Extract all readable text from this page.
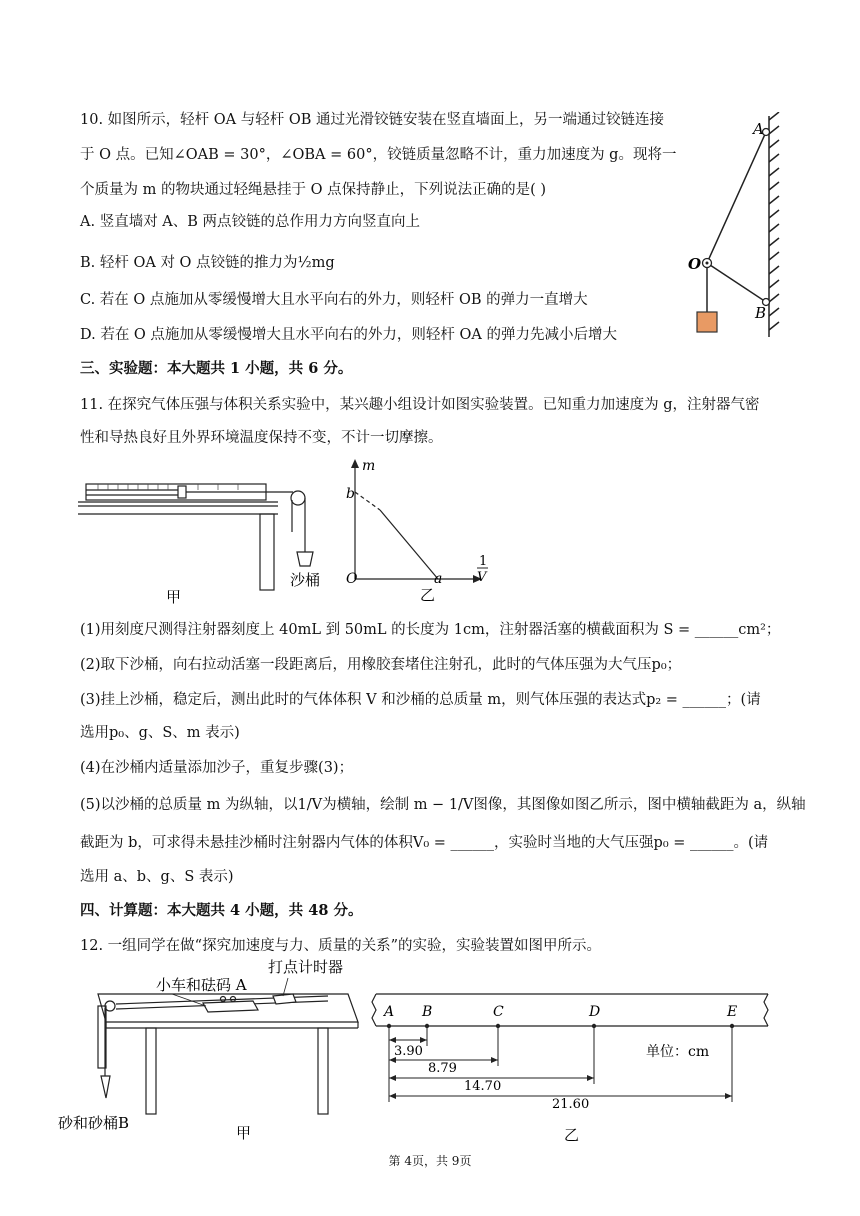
10. 如图所示，轻杆 OA 与轻杆 OB 通过光滑铰链安装在竖直墙面上，另一端通过铰链连接
于 O 点。已知∠OAB = 30°，∠OBA = 60°，铰链质量忽略不计，重力加速度为 g。现将一
个质量为 m 的物块通过轻绳悬挂于 O 点保持静止，下列说法正确的是( )
A. 竖直墙对 A、B 两点铰链的总作用力方向竖直向上
B. 轻杆 OA 对 O 点铰链的推力为½mg
C. 若在 O 点施加从零缓慢增大且水平向右的外力，则轻杆 OB 的弹力一直增大
D. 若在 O 点施加从零缓慢增大且水平向右的外力，则轻杆 OA 的弹力先减小后增大
A
O
B
三、实验题：本大题共 1 小题，共 6 分。
11. 在探究气体压强与体积关系实验中，某兴趣小组设计如图实验装置。已知重力加速度为 g，注射器气密
性和导热良好且外界环境温度保持不变，不计一切摩擦。
沙桶
甲
m
b
O	a
1
V
乙
(1)用刻度尺测得注射器刻度上 40mL 到 50mL 的长度为 1cm，注射器活塞的横截面积为 S = ______cm²；
(2)取下沙桶，向右拉动活塞一段距离后，用橡胶套堵住注射孔，此时的气体压强为大气压p₀；
(3)挂上沙桶，稳定后，测出此时的气体体积 V 和沙桶的总质量 m，则气体压强的表达式p₂ = ______；(请
选用p₀、g、S、m 表示)
(4)在沙桶内适量添加沙子，重复步骤(3)；
(5)以沙桶的总质量 m 为纵轴，以1/V为横轴，绘制 m − 1/V图像，其图像如图乙所示，图中横轴截距为 a，纵轴
截距为 b，可求得未悬挂沙桶时注射器内气体的体积V₀ = ______，实验时当地的大气压强p₀ = ______。(请
选用 a、b、g、S 表示)
四、计算题：本大题共 4 小题，共 48 分。
12. 一组同学在做“探究加速度与力、质量的关系”的实验，实验装置如图甲所示。
小车和砝码 A
打点计时器
砂和砂桶B
甲
A B	C	D	E
3.90
8.79
14.70
21.60
单位：cm
乙
第 4页，共 9页
